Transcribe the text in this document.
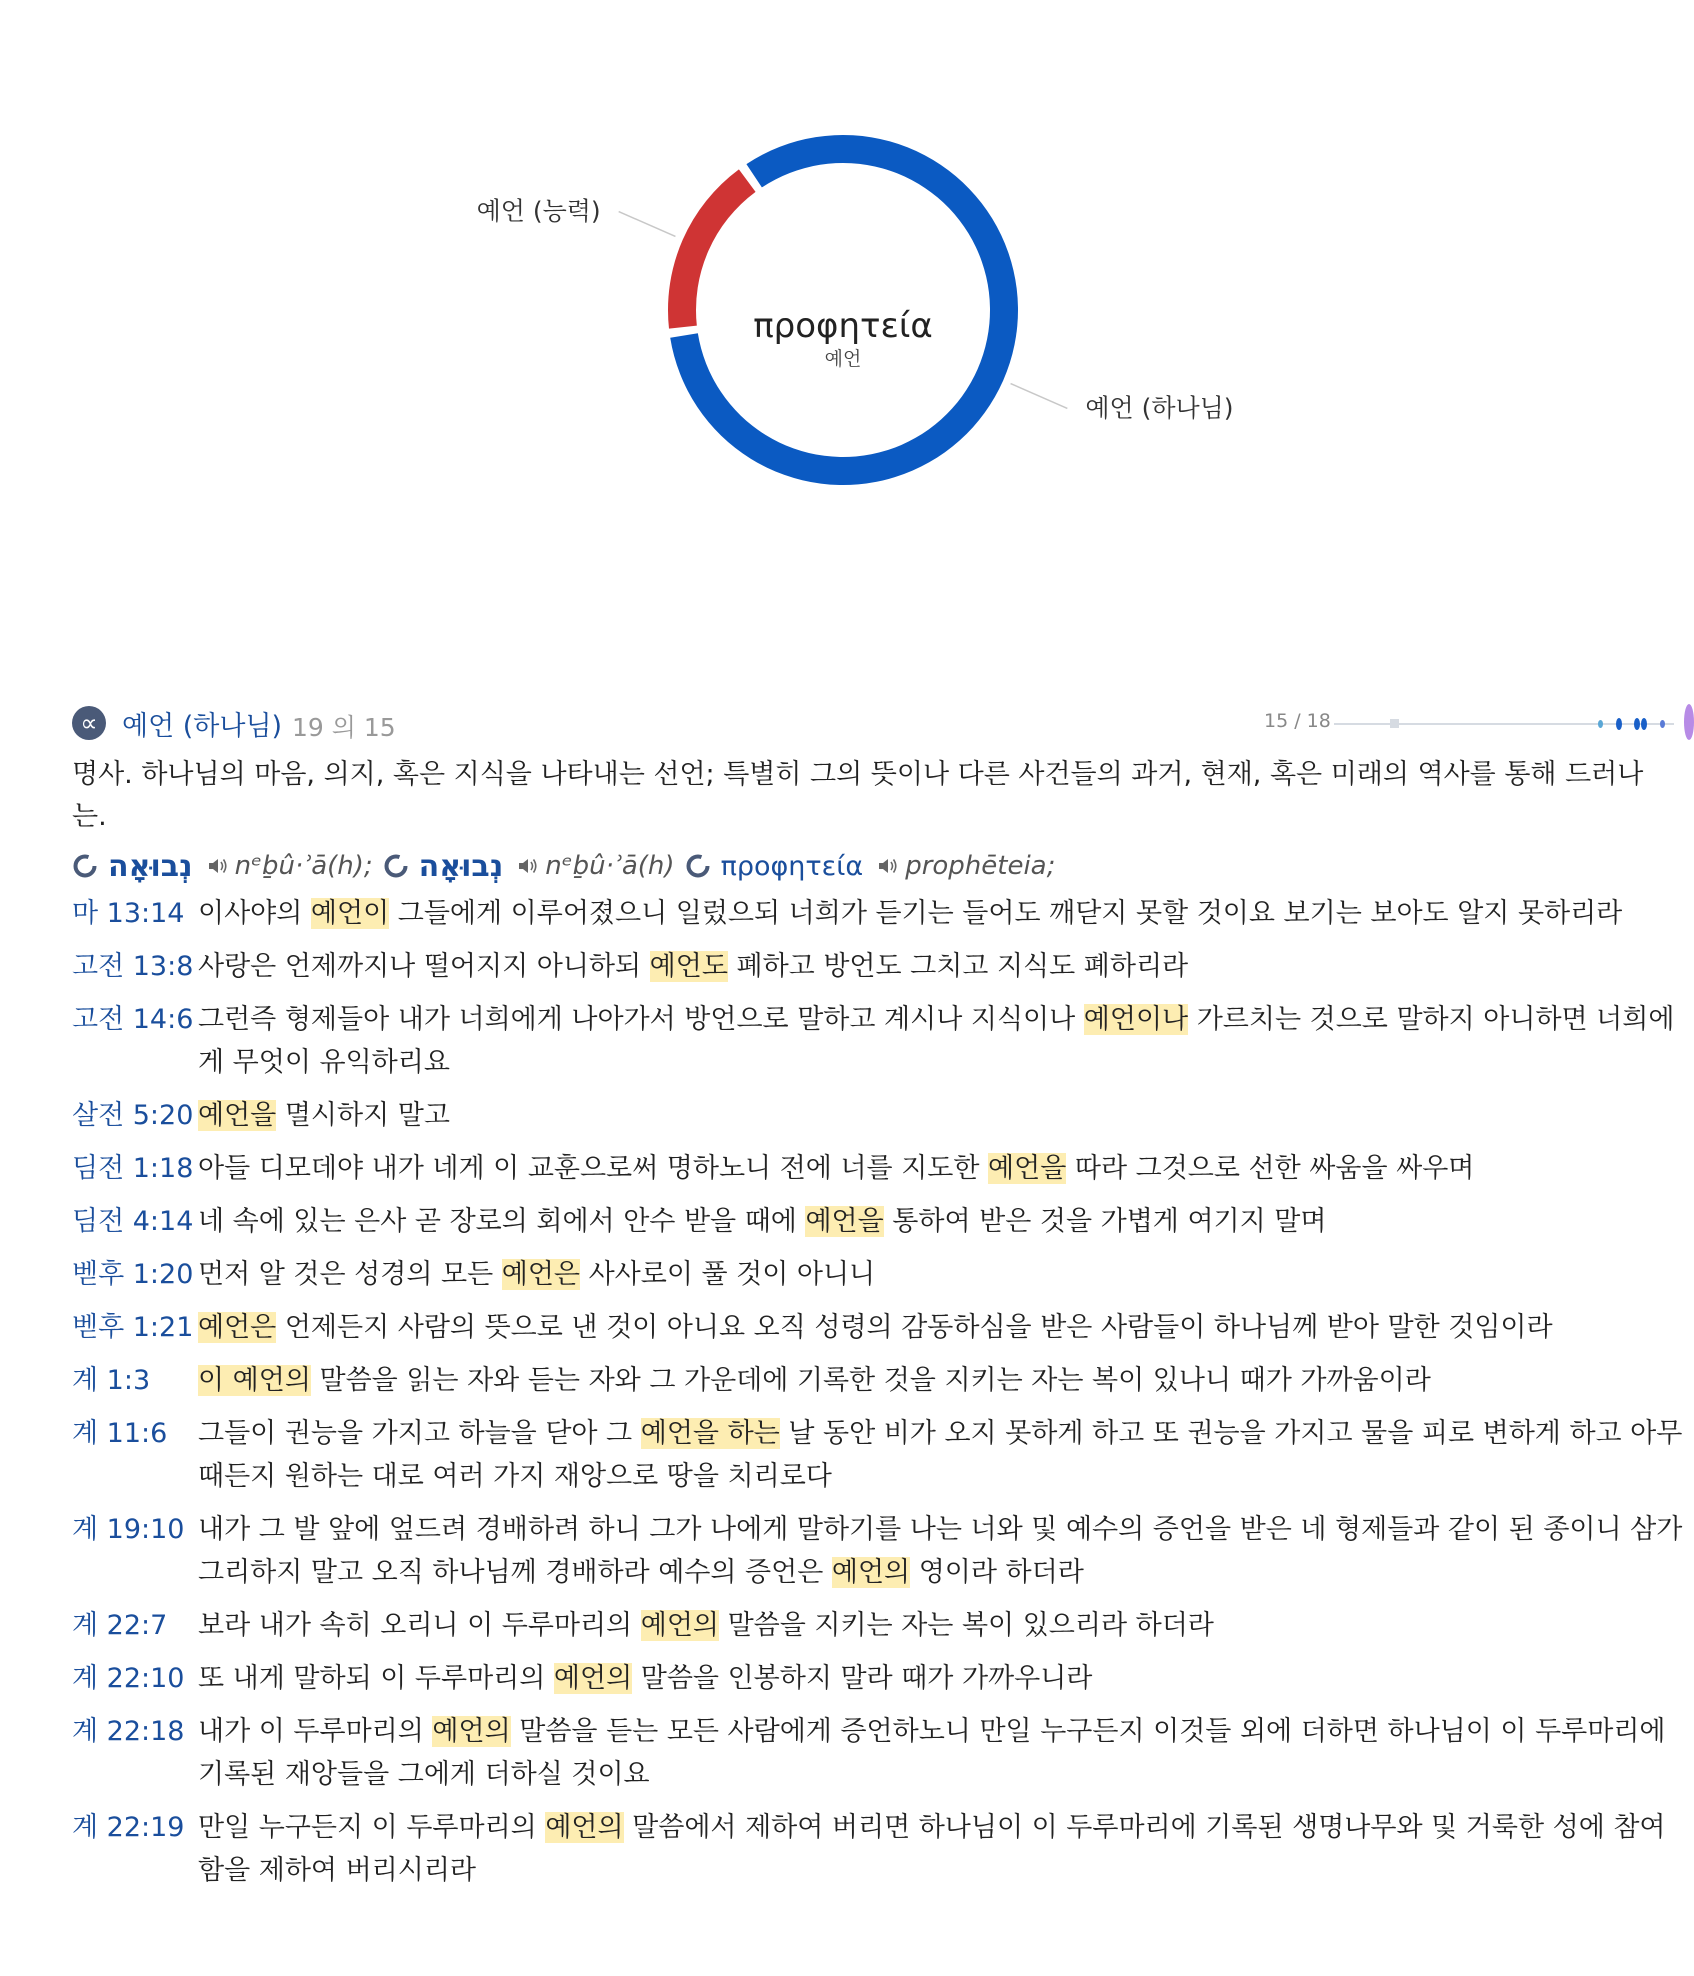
예언 (하나님)
예언 (능력)
προφητεία
예언
∝ 예언 (하나님) 19 의 15	15 / 18
명사. 하나님의 마음, 의지, 혹은 지식을 나타내는 선언; 특별히 그의 뜻이나 다른 사건들의 과거, 현재, 혹은 미래의 역사를 통해 드러나는.
נְבוּאָה nᵉḇû·ʾā(h); נְבוּאָה nᵉḇû·ʾā(h) προφητεία prophēteia;
마 13:14 이사야의 예언이 그들에게 이루어졌으니 일렀으되 너희가 듣기는 들어도 깨닫지 못할 것이요 보기는 보아도 알지 못하리라
고전 13:8 사랑은 언제까지나 떨어지지 아니하되 예언도 폐하고 방언도 그치고 지식도 폐하리라
고전 14:6 그런즉 형제들아 내가 너희에게 나아가서 방언으로 말하고 계시나 지식이나 예언이나 가르치는 것으로 말하지 아니하면 너희에게 무엇이 유익하리요
살전 5:20 예언을 멸시하지 말고
딤전 1:18 아들 디모데야 내가 네게 이 교훈으로써 명하노니 전에 너를 지도한 예언을 따라 그것으로 선한 싸움을 싸우며
딤전 4:14 네 속에 있는 은사 곧 장로의 회에서 안수 받을 때에 예언을 통하여 받은 것을 가볍게 여기지 말며
벧후 1:20 먼저 알 것은 성경의 모든 예언은 사사로이 풀 것이 아니니
벧후 1:21 예언은 언제든지 사람의 뜻으로 낸 것이 아니요 오직 성령의 감동하심을 받은 사람들이 하나님께 받아 말한 것임이라
계 1:3	이 예언의 말씀을 읽는 자와 듣는 자와 그 가운데에 기록한 것을 지키는 자는 복이 있나니 때가 가까움이라
계 11:6	그들이 권능을 가지고 하늘을 닫아 그 예언을 하는 날 동안 비가 오지 못하게 하고 또 권능을 가지고 물을 피로 변하게 하고 아무 때든지 원하는 대로 여러 가지 재앙으로 땅을 치리로다
계 19:10 내가 그 발 앞에 엎드려 경배하려 하니 그가 나에게 말하기를 나는 너와 및 예수의 증언을 받은 네 형제들과 같이 된 종이니 삼가 그리하지 말고 오직 하나님께 경배하라 예수의 증언은 예언의 영이라 하더라
계 22:7	보라 내가 속히 오리니 이 두루마리의 예언의 말씀을 지키는 자는 복이 있으리라 하더라
계 22:10 또 내게 말하되 이 두루마리의 예언의 말씀을 인봉하지 말라 때가 가까우니라
계 22:18 내가 이 두루마리의 예언의 말씀을 듣는 모든 사람에게 증언하노니 만일 누구든지 이것들 외에 더하면 하나님이 이 두루마리에 기록된 재앙들을 그에게 더하실 것이요
계 22:19 만일 누구든지 이 두루마리의 예언의 말씀에서 제하여 버리면 하나님이 이 두루마리에 기록된 생명나무와 및 거룩한 성에 참여함을 제하여 버리시리라
